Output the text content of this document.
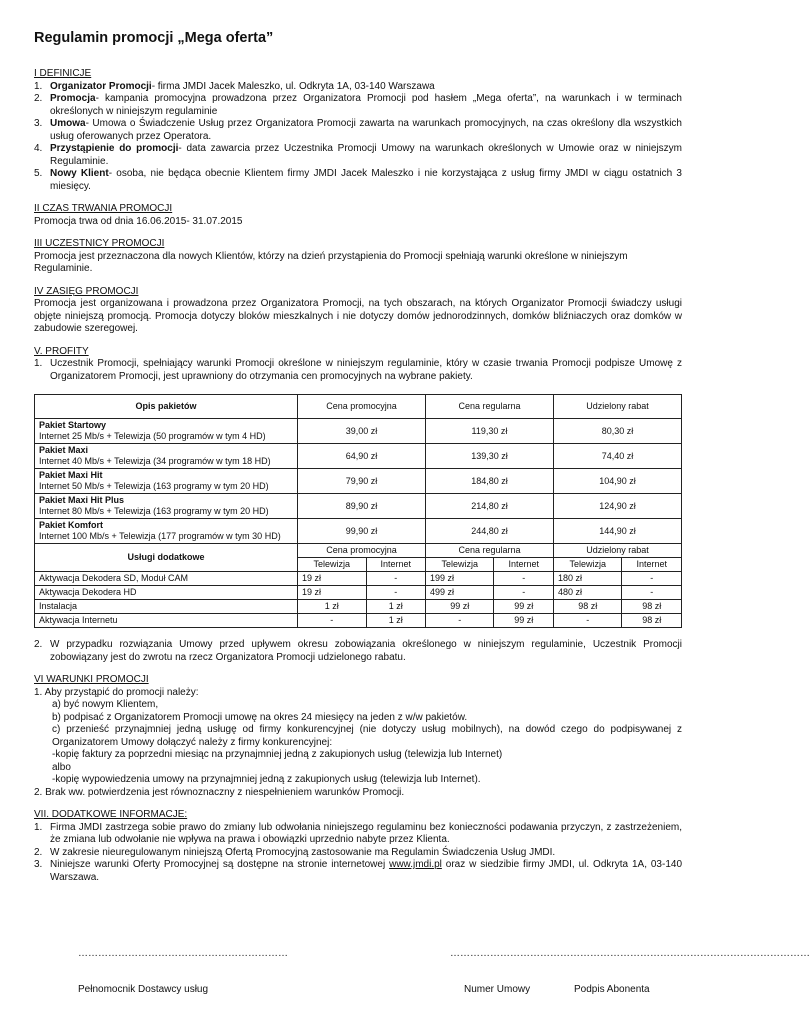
Regulamin promocji „Mega oferta”

I DEFINICJE

1. Organizator Promocji- firma JMDI Jacek Maleszko, ul. Odkryta 1A, 03-140 Warszawa
2. Promocja- kampania promocyjna prowadzona przez Organizatora Promocji pod hasłem „Mega oferta”, na warunkach i w terminach określonych w niniejszym regulaminie
3. Umowa- Umowa o Świadczenie Usług przez Organizatora Promocji zawarta na warunkach promocyjnych, na czas określony dla wszystkich usług oferowanych przez Operatora.
4. Przystąpienie do promocji- data zawarcia przez Uczestnika Promocji Umowy na warunkach określonych w Umowie oraz w niniejszym Regulaminie.
5. Nowy Klient- osoba, nie będąca obecnie Klientem firmy JMDI Jacek Maleszko i nie korzystająca z usług firmy JMDI w ciągu ostatnich 3 miesięcy.

II CZAS TRWANIA PROMOCJI

Promocja trwa od dnia 16.06.2015- 31.07.2015

III UCZESTNICY PROMOCJI

Promocja jest przeznaczona dla nowych Klientów, którzy na dzień przystąpienia do Promocji spełniają warunki określone w niniejszym Regulaminie.

IV ZASIĘG PROMOCJI

Promocja jest organizowana i prowadzona przez Organizatora Promocji, na tych obszarach, na których Organizator Promocji świadczy usługi objęte niniejszą promocją. Promocja dotyczy bloków mieszkalnych i nie dotyczy domów jednorodzinnych, domków bliźniaczych oraz domków w zabudowie szeregowej.

V. PROFITY

1. Uczestnik Promocji, spełniający warunki Promocji określone w niniejszym regulaminie, który w czasie trwania Promocji podpisze Umowę z Organizatorem Promocji, jest uprawniony do otrzymania cen promocyjnych na wybrane pakiety.
Opis pakietów	Cena promocyjna		Cena regularna		Udzielony rabat	
Pakiet Startowy
Internet 25 Mb/s + Telewizja (50 programów w tym 4 HD)	39,00 zł		119,30 zł		80,30 zł	
Pakiet Maxi
Internet 40 Mb/s + Telewizja (34 programów w tym 18 HD)	64,90 zł		139,30 zł		74,40 zł	
Pakiet Maxi Hit
Internet 50 Mb/s + Telewizja (163 programy w tym 20 HD)	79,90 zł		184,80 zł		104,90 zł	
Pakiet Maxi Hit Plus
Internet 80 Mb/s + Telewizja (163 programy w tym 20 HD)	89,90 zł		214,80 zł		124,90 zł	
Pakiet Komfort
Internet 100 Mb/s + Telewizja (177 programów w tym 30 HD)	99,90 zł		244,80 zł		144,90 zł	
Usługi dodatkowe	Cena promocyjna		Cena regularna		Udzielony rabat	
	Telewizja	Internet	Telewizja	Internet	Telewizja	Internet
Aktywacja Dekodera SD, Moduł CAM	19 zł	-	199 zł	-	180 zł	-
Aktywacja Dekodera HD	19 zł	-	499 zł	-	480 zł	-
Instalacja	1 zł	1 zł	99 zł	99 zł	98 zł	98 zł
Aktywacja Internetu	-	1 zł	-	99 zł	-	98 zł
2. W przypadku rozwiązania Umowy przed upływem okresu zobowiązania określonego w niniejszym regulaminie, Uczestnik Promocji zobowiązany jest do zwrotu na rzecz Organizatora Promocji udzielonego rabatu.

VI WARUNKI PROMOCJI

1. Aby przystąpić do promocji należy:

a) być nowym Klientem,

b) podpisać z Organizatorem Promocji umowę na okres 24 miesięcy na jeden z w/w pakietów.

c) przenieść przynajmniej jedną usługę od firmy konkurencyjnej (nie dotyczy usług mobilnych), na dowód czego do podpisywanej z Organizatorem Umowy dołączyć należy z firmy konkurencyjnej:

-kopię faktury za poprzedni miesiąc na przynajmniej jedną z zakupionych usług (telewizja lub Internet)

albo

-kopię wypowiedzenia umowy na przynajmniej jedną z zakupionych usług (telewizja lub Internet).

2. Brak ww. potwierdzenia jest równoznaczny z niespełnieniem warunków Promocji.

VII. DODATKOWE INFORMACJE:

1. Firma JMDI zastrzega sobie prawo do zmiany lub odwołania niniejszego regulaminu bez konieczności podawania przyczyn, z zastrzeżeniem, że zmiana lub odwołanie nie wpływa na prawa i obowiązki uprzednio nabyte przez Klienta.
2. W zakresie nieuregulowanym niniejszą Ofertą Promocyjną zastosowanie ma Regulamin Świadczenia Usług JMDI.
3. Niniejsze warunki Oferty Promocyjnej są dostępne na stronie internetowej www.jmdi.pl oraz w siedzibie firmy JMDI, ul. Odkryta 1A, 03-140 Warszawa.
………………………………………………………	………………………………………………………………………………………………
Pełnomocnik Dostawcy usług	Numer Umowy	Podpis Abonenta
